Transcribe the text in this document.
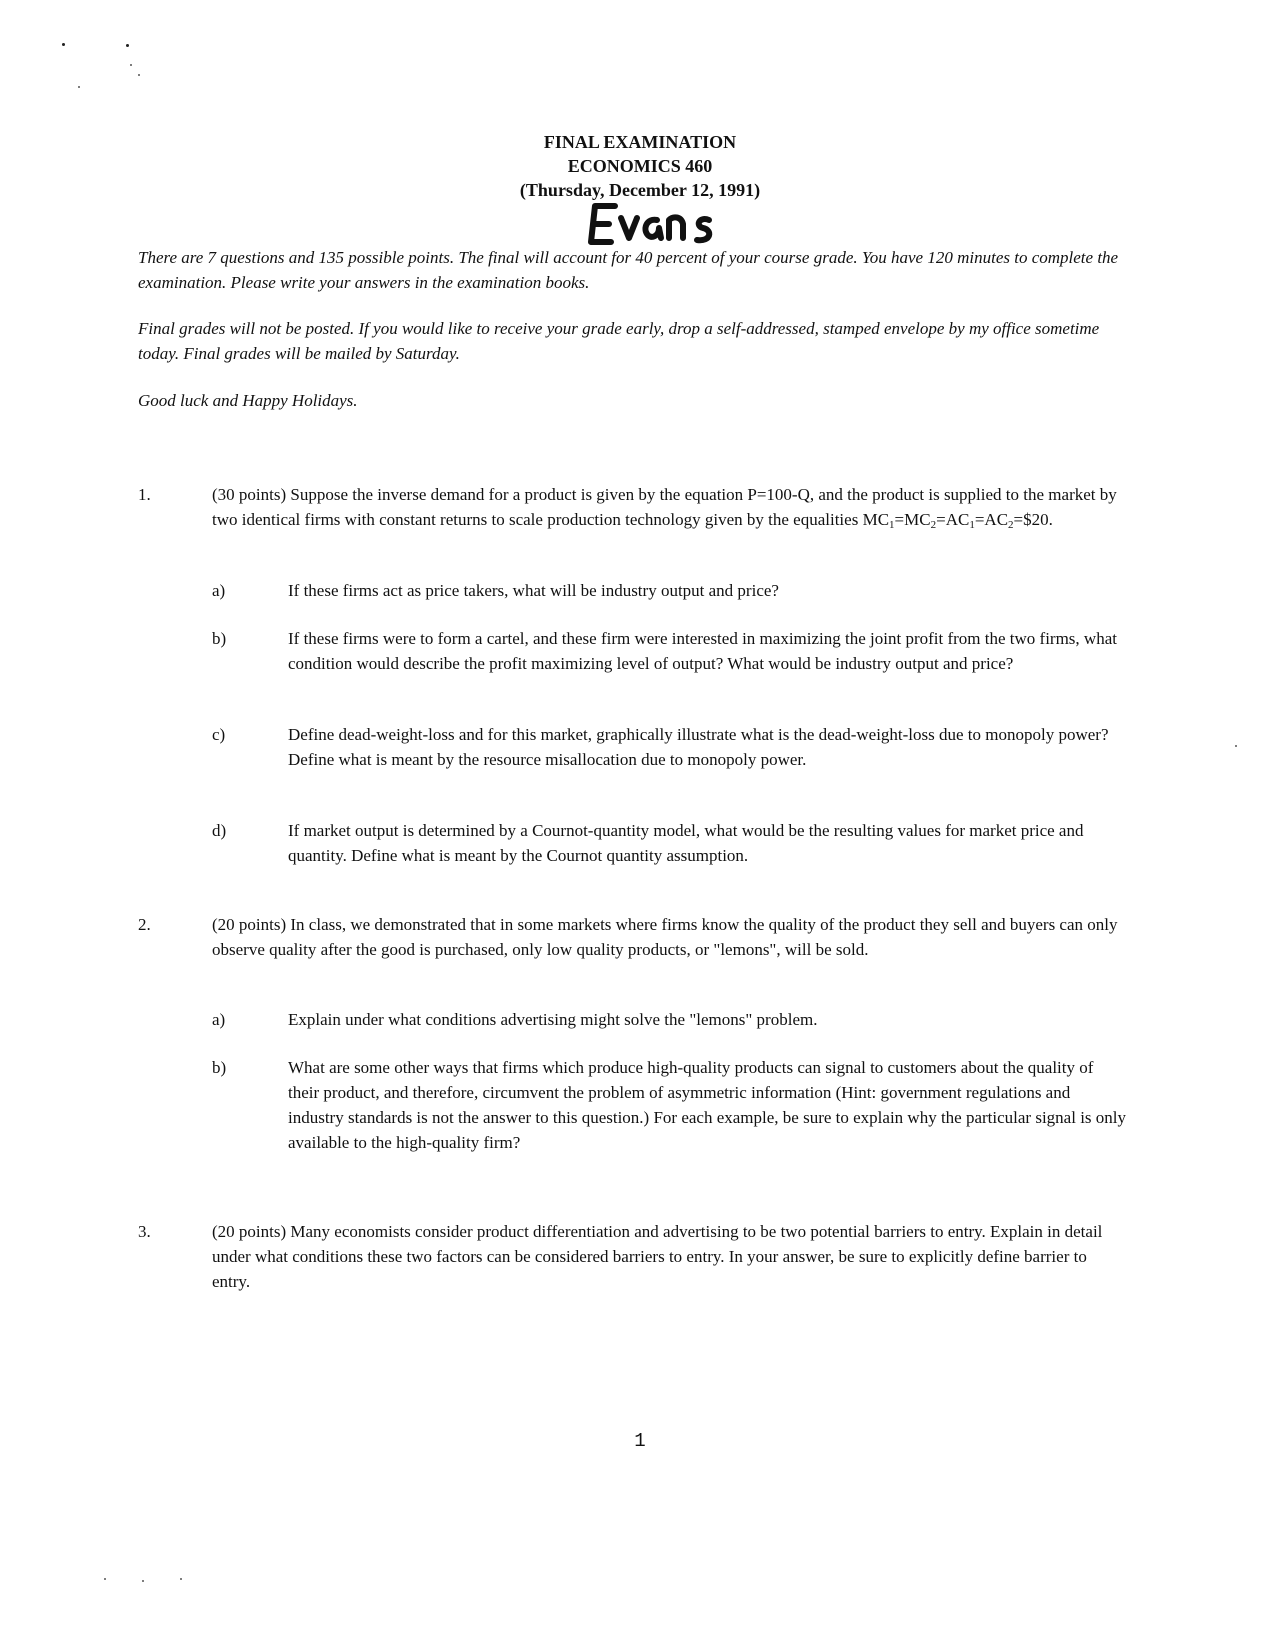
FINAL EXAMINATION
ECONOMICS 460
(Thursday, December 12, 1991)

There are 7 questions and 135 possible points. The final will account for 40 percent of your course grade. You have 120 minutes to complete the examination. Please write your answers in the examination books.

Final grades will not be posted. If you would like to receive your grade early, drop a self-addressed, stamped envelope by my office sometime today. Final grades will be mailed by Saturday.

Good luck and Happy Holidays.

1.	(30 points) Suppose the inverse demand for a product is given by the equation P=100-Q, and the product is supplied to the market by two identical firms with constant returns to scale production technology given by the equalities $MC_1=MC_2=AC_1=AC_2=\$20$.

a)	If these firms act as price takers, what will be industry output and price?
b)	If these firms were to form a cartel, and these firm were interested in maximizing the joint profit from the two firms, what condition would describe the profit maximizing level of output? What would be industry output and price?
c)	Define dead-weight-loss and for this market, graphically illustrate what is the dead-weight-loss due to monopoly power? Define what is meant by the resource misallocation due to monopoly power.
d)	If market output is determined by a Cournot-quantity model, what would be the resulting values for market price and quantity. Define what is meant by the Cournot quantity assumption.
2.	(20 points) In class, we demonstrated that in some markets where firms know the quality of the product they sell and buyers can only observe quality after the good is purchased, only low quality products, or "lemons", will be sold.

a)	Explain under what conditions advertising might solve the "lemons" problem.
b)	What are some other ways that firms which produce high-quality products can signal to customers about the quality of their product, and therefore, circumvent the problem of asymmetric information (Hint: government regulations and industry standards is not the answer to this question.) For each example, be sure to explain why the particular signal is only available to the high-quality firm?
3.	(20 points) Many economists consider product differentiation and advertising to be two potential barriers to entry. Explain in detail under what conditions these two factors can be considered barriers to entry. In your answer, be sure to explicitly define barrier to entry.

1
